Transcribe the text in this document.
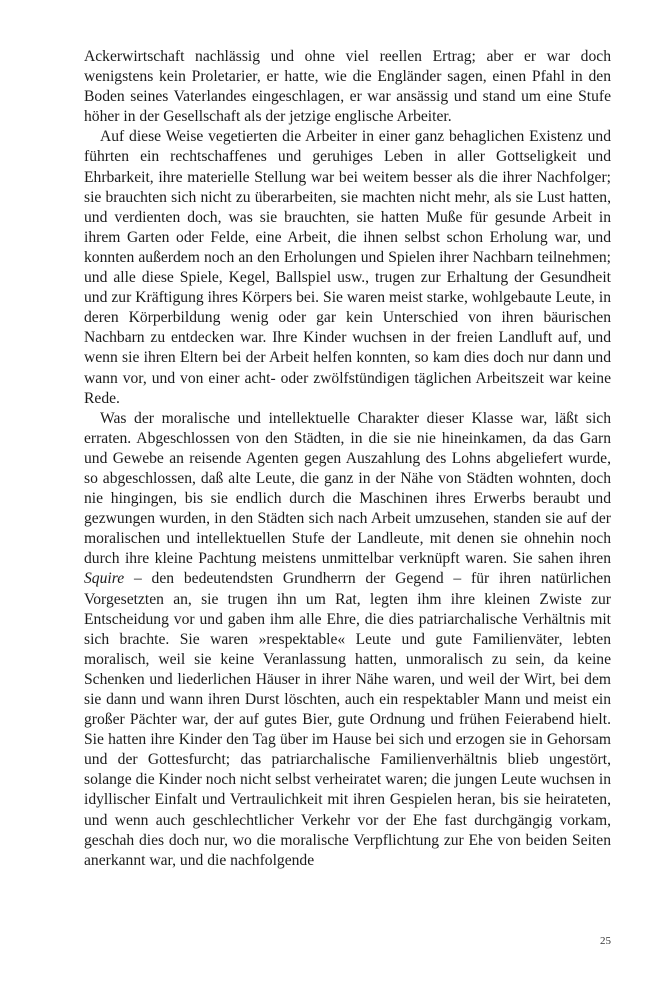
Ackerwirtschaft nachlässig und ohne viel reellen Ertrag; aber er war doch wenigstens kein Proletarier, er hatte, wie die Engländer sagen, einen Pfahl in den Boden seines Vaterlandes eingeschlagen, er war ansässig und stand um eine Stufe höher in der Gesellschaft als der jetzige englische Arbeiter.

Auf diese Weise vegetierten die Arbeiter in einer ganz behaglichen Existenz und führten ein rechtschaffenes und geruhiges Leben in aller Gottseligkeit und Ehrbarkeit, ihre materielle Stellung war bei weitem besser als die ihrer Nachfolger; sie brauchten sich nicht zu überarbeiten, sie machten nicht mehr, als sie Lust hatten, und verdienten doch, was sie brauchten, sie hatten Muße für gesunde Arbeit in ihrem Garten oder Felde, eine Arbeit, die ihnen selbst schon Erholung war, und konnten außerdem noch an den Erholungen und Spielen ihrer Nachbarn teilnehmen; und alle diese Spiele, Kegel, Ballspiel usw., trugen zur Erhaltung der Gesundheit und zur Kräftigung ihres Körpers bei. Sie waren meist starke, wohlgebaute Leute, in deren Körperbildung wenig oder gar kein Unterschied von ihren bäurischen Nachbarn zu entdecken war. Ihre Kinder wuchsen in der freien Landluft auf, und wenn sie ihren Eltern bei der Arbeit helfen konnten, so kam dies doch nur dann und wann vor, und von einer acht- oder zwölfstündigen täglichen Arbeitszeit war keine Rede.

Was der moralische und intellektuelle Charakter dieser Klasse war, läßt sich erraten. Abgeschlossen von den Städten, in die sie nie hineinkamen, da das Garn und Gewebe an reisende Agenten gegen Auszahlung des Lohns abgeliefert wurde, so abgeschlossen, daß alte Leute, die ganz in der Nähe von Städten wohnten, doch nie hingingen, bis sie endlich durch die Maschinen ihres Erwerbs beraubt und gezwungen wurden, in den Städten sich nach Arbeit umzusehen, standen sie auf der moralischen und intellektuellen Stufe der Landleute, mit denen sie ohnehin noch durch ihre kleine Pachtung meistens unmittelbar verknüpft waren. Sie sahen ihren Squire – den bedeutendsten Grundherrn der Gegend – für ihren natürlichen Vorgesetzten an, sie trugen ihn um Rat, legten ihm ihre kleinen Zwiste zur Entscheidung vor und gaben ihm alle Ehre, die dies patriarchalische Verhältnis mit sich brachte. Sie waren »respektable« Leute und gute Familienväter, lebten moralisch, weil sie keine Veranlassung hatten, unmoralisch zu sein, da keine Schenken und liederlichen Häuser in ihrer Nähe waren, und weil der Wirt, bei dem sie dann und wann ihren Durst löschten, auch ein respektabler Mann und meist ein großer Pächter war, der auf gutes Bier, gute Ordnung und frühen Feierabend hielt. Sie hatten ihre Kinder den Tag über im Hause bei sich und erzogen sie in Gehorsam und der Gottesfurcht; das patriarchalische Familienverhältnis blieb ungestört, solange die Kinder noch nicht selbst verheiratet waren; die jungen Leute wuchsen in idyllischer Einfalt und Vertraulichkeit mit ihren Gespielen heran, bis sie heirateten, und wenn auch geschlechtlicher Verkehr vor der Ehe fast durchgängig vorkam, geschah dies doch nur, wo die moralische Verpflichtung zur Ehe von beiden Seiten anerkannt war, und die nachfolgende

25
